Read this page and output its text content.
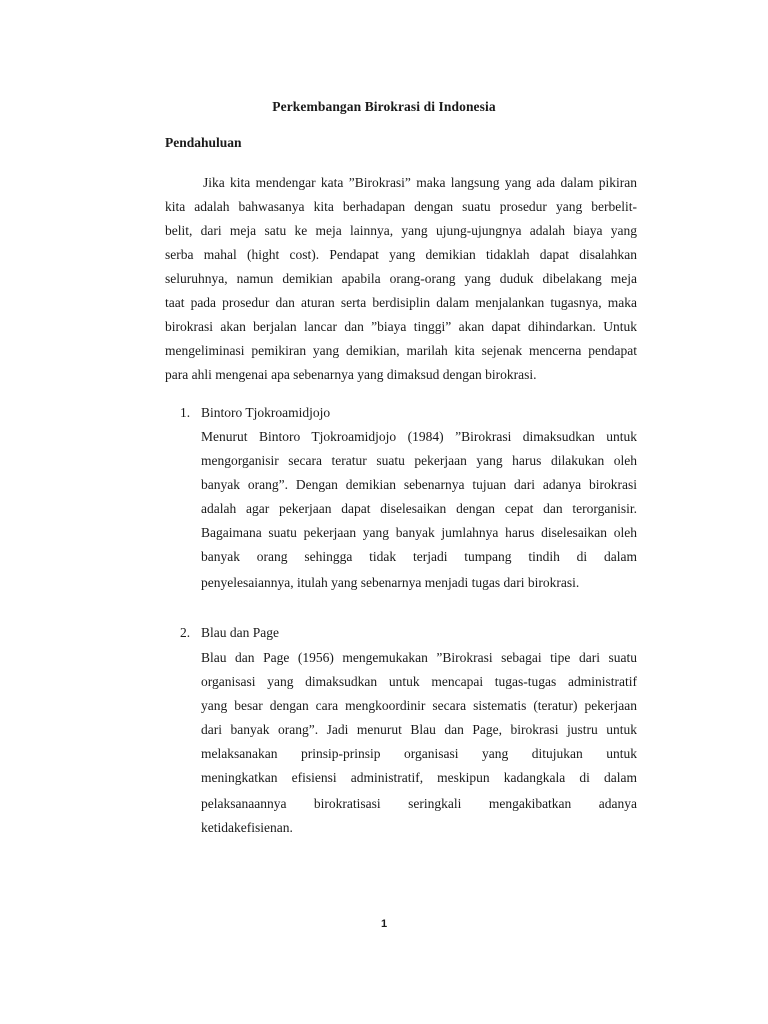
Perkembangan Birokrasi di Indonesia
Pendahuluan
Jika kita mendengar kata ”Birokrasi” maka langsung yang ada dalam pikiran
kita adalah bahwasanya kita berhadapan dengan suatu prosedur yang berbelit-
belit, dari meja satu ke meja lainnya, yang ujung-ujungnya adalah biaya yang
serba mahal (hight cost). Pendapat yang demikian tidaklah dapat disalahkan
seluruhnya, namun demikian apabila orang-orang yang duduk dibelakang meja
taat pada prosedur dan aturan serta berdisiplin dalam menjalankan tugasnya, maka
birokrasi akan berjalan lancar dan ”biaya tinggi” akan dapat dihindarkan. Untuk
mengeliminasi pemikiran yang demikian, marilah kita sejenak mencerna pendapat
para ahli mengenai apa sebenarnya yang dimaksud dengan birokrasi.
1. Bintoro Tjokroamidjojo
Menurut Bintoro Tjokroamidjojo (1984) ”Birokrasi dimaksudkan untuk
mengorganisir secara teratur suatu pekerjaan yang harus dilakukan oleh
banyak orang”. Dengan demikian sebenarnya tujuan dari adanya birokrasi
adalah agar pekerjaan dapat diselesaikan dengan cepat dan terorganisir.
Bagaimana suatu pekerjaan yang banyak jumlahnya harus diselesaikan oleh
banyak orang sehingga tidak terjadi tumpang tindih di dalam
penyelesaiannya, itulah yang sebenarnya menjadi tugas dari birokrasi.
2. Blau dan Page
Blau dan Page (1956) mengemukakan ”Birokrasi sebagai tipe dari suatu
organisasi yang dimaksudkan untuk mencapai tugas-tugas administratif
yang besar dengan cara mengkoordinir secara sistematis (teratur) pekerjaan
dari banyak orang”. Jadi menurut Blau dan Page, birokrasi justru untuk
melaksanakan prinsip-prinsip organisasi yang ditujukan untuk
meningkatkan efisiensi administratif, meskipun kadangkala di dalam
pelaksanaannya birokratisasi seringkali mengakibatkan adanya
ketidakefisienan.
1
